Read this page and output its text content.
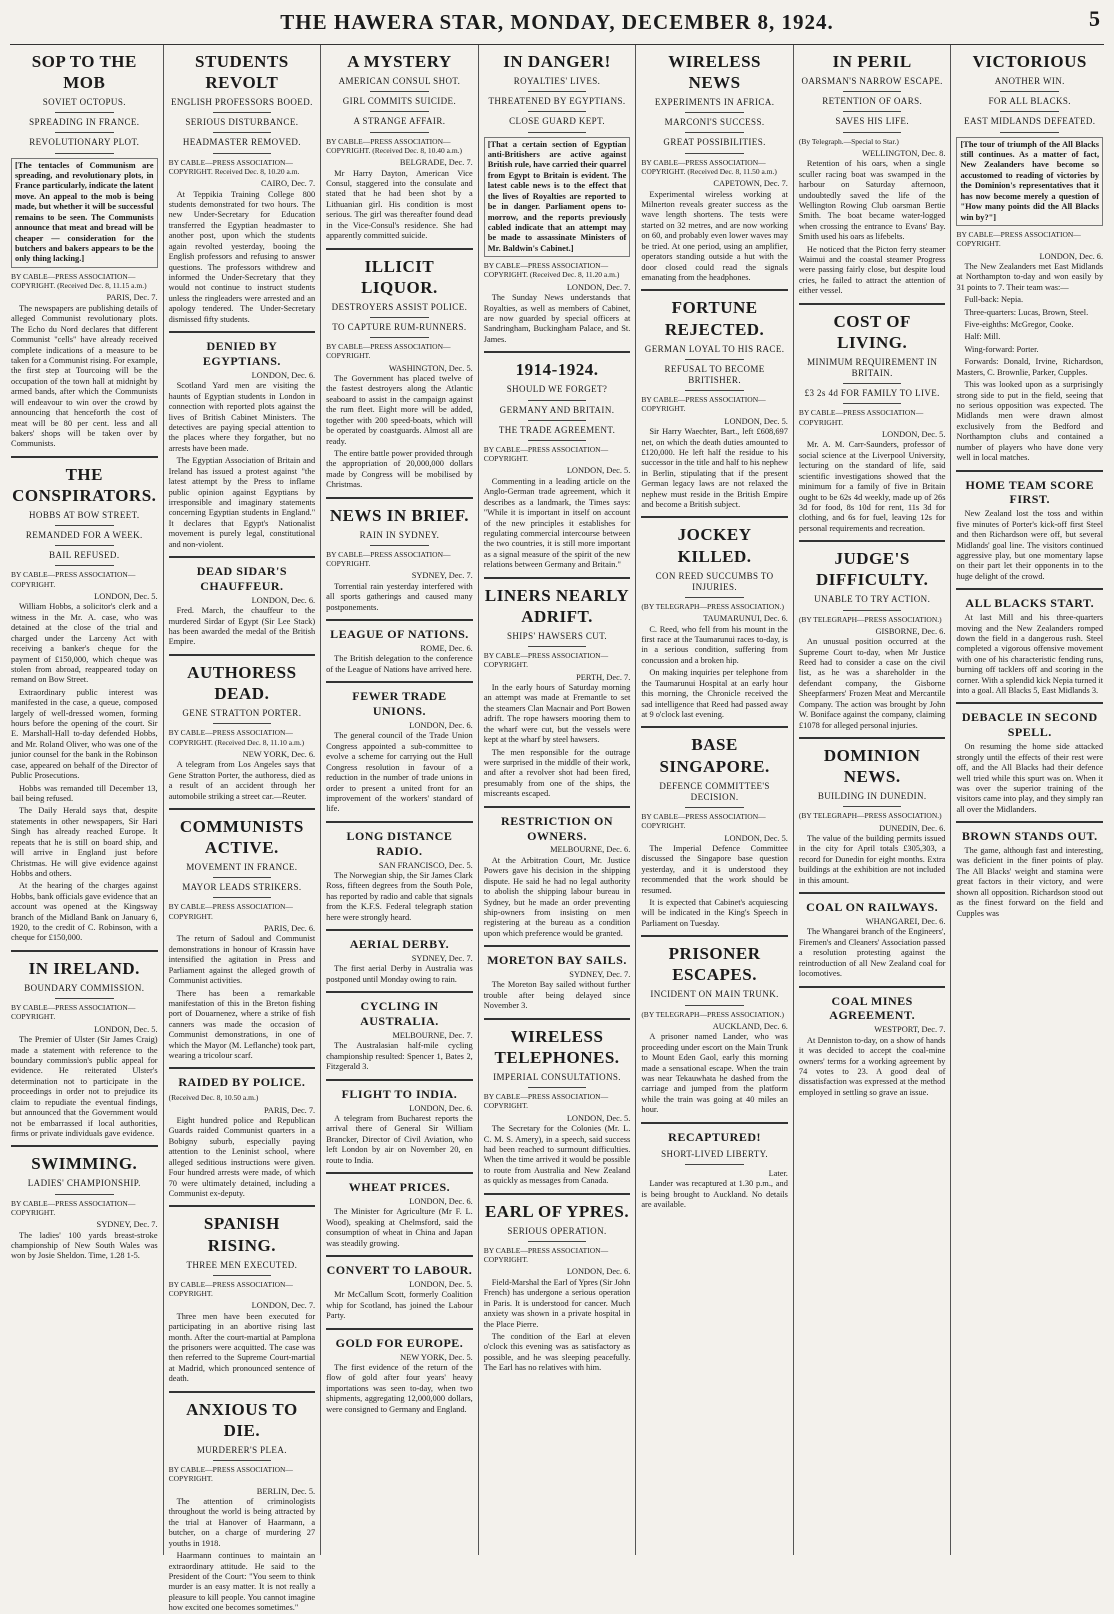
THE HAWERA STAR, MONDAY, DECEMBER 8, 1924.	5
SOP TO THE MOB
SOVIET OCTOPUS.
SPREADING IN FRANCE.
REVOLUTIONARY PLOT.
[The tentacles of Communism are spreading, and revolutionary plots, in France particularly, indicate the latent move. An appeal to the mob is being made, but whether it will be successful remains to be seen. The Communists announce that meat and bread will be cheaper — consideration for the butchers and bakers appears to be the only thing lacking.]
BY CABLE—PRESS ASSOCIATION—COPYRIGHT. (Received Dec. 8, 11.15 a.m.)
PARIS, Dec. 7.

The newspapers are publishing details of alleged Communist revolutionary plots. The Echo du Nord declares that different Communist "cells" have already received complete indications of a measure to be taken for a Communist rising. For example, the first step at Tourcoing will be the occupation of the town hall at midnight by armed bands, after which the Communists will endeavour to win over the crowd by announcing that henceforth the cost of meat will be 80 per cent. less and all bakers' shops will be taken over by Communists.

THE CONSPIRATORS.
HOBBS AT BOW STREET.
REMANDED FOR A WEEK.
BAIL REFUSED.
BY CABLE—PRESS ASSOCIATION—COPYRIGHT.
LONDON, Dec. 5.

William Hobbs, a solicitor's clerk and a witness in the Mr. A. case, who was detained at the close of the trial and charged under the Larceny Act with receiving a banker's cheque for the payment of £150,000, which cheque was stolen from abroad, reappeared today on remand on Bow Street.

Extraordinary public interest was manifested in the case, a queue, composed largely of well-dressed women, forming hours before the opening of the court. Sir E. Marshall-Hall to-day defended Hobbs, and Mr. Roland Oliver, who was one of the junior counsel for the bank in the Robinson case, appeared on behalf of the Director of Public Prosecutions.

Hobbs was remanded till December 13, bail being refused.

The Daily Herald says that, despite statements in other newspapers, Sir Hari Singh has already reached Europe. It repeats that he is still on board ship, and will arrive in England just before Christmas. He will give evidence against Hobbs and others.

At the hearing of the charges against Hobbs, bank officials gave evidence that an account was opened at the Kingsway branch of the Midland Bank on January 6, 1920, to the credit of C. Robinson, with a cheque for £150,000.

IN IRELAND.
BOUNDARY COMMISSION.
BY CABLE—PRESS ASSOCIATION—COPYRIGHT.
LONDON, Dec. 5.

The Premier of Ulster (Sir James Craig) made a statement with reference to the boundary commission's public appeal for evidence. He reiterated Ulster's determination not to participate in the proceedings in order not to prejudice its claim to repudiate the eventual findings, but announced that the Government would not be embarrassed if local authorities, firms or private individuals gave evidence.

SWIMMING.
LADIES' CHAMPIONSHIP.
BY CABLE—PRESS ASSOCIATION—COPYRIGHT.
SYDNEY, Dec. 7.

The ladies' 100 yards breast-stroke championship of New South Wales was won by Josie Sheldon. Time, 1.28 1-5.

STUDENTS REVOLT
ENGLISH PROFESSORS BOOED.
SERIOUS DISTURBANCE.
HEADMASTER REMOVED.
BY CABLE—PRESS ASSOCIATION—COPYRIGHT. Received Dec. 8, 10.20 a.m.
CAIRO, Dec. 7.

At Teppikia Training College 800 students demonstrated for two hours. The new Under-Secretary for Education transferred the Egyptian headmaster to another post, upon which the students again revolted yesterday, booing the English professors and refusing to answer questions. The professors withdrew and informed the Under-Secretary that they would not continue to instruct students unless the ringleaders were arrested and an apology tendered. The Under-Secretary dismissed fifty students.

DENIED BY EGYPTIANS.
LONDON, Dec. 6.

Scotland Yard men are visiting the haunts of Egyptian students in London in connection with reported plots against the lives of British Cabinet Ministers. The detectives are paying special attention to the places where they forgather, but no arrests have been made.

The Egyptian Association of Britain and Ireland has issued a protest against "the latest attempt by the Press to inflame public opinion against Egyptians by irresponsible and imaginary statements concerning Egyptian students in England." It declares that Egypt's Nationalist movement is purely legal, constitutional and non-violent.

DEAD SIDAR'S CHAUFFEUR.
LONDON, Dec. 6.

Fred. March, the chauffeur to the murdered Sirdar of Egypt (Sir Lee Stack) has been awarded the medal of the British Empire.

AUTHORESS DEAD.
GENE STRATTON PORTER.
BY CABLE—PRESS ASSOCIATION—COPYRIGHT. (Received Dec. 8, 11.10 a.m.)
NEW YORK, Dec. 6.

A telegram from Los Angeles says that Gene Stratton Porter, the authoress, died as a result of an accident through her automobile striking a street car.—Reuter.

COMMUNISTS ACTIVE.
MOVEMENT IN FRANCE.
MAYOR LEADS STRIKERS.
BY CABLE—PRESS ASSOCIATION—COPYRIGHT.
PARIS, Dec. 6.

The return of Sadoul and Communist demonstrations in honour of Krassin have intensified the agitation in Press and Parliament against the alleged growth of Communist activities.

There has been a remarkable manifestation of this in the Breton fishing port of Douarnenez, where a strike of fish canners was made the occasion of Communist demonstrations, in one of which the Mayor (M. Leflanche) took part, wearing a tricolour scarf.

RAIDED BY POLICE.
(Received Dec. 8, 10.50 a.m.)
PARIS, Dec. 7.

Eight hundred police and Republican Guards raided Communist quarters in a Bobigny suburb, especially paying attention to the Leninist school, where alleged seditious instructions were given. Four hundred arrests were made, of which 70 were ultimately detained, including a Communist ex-deputy.

SPANISH RISING.
THREE MEN EXECUTED.
BY CABLE—PRESS ASSOCIATION—COPYRIGHT.
LONDON, Dec. 7.

Three men have been executed for participating in an abortive rising last month. After the court-martial at Pamplona the prisoners were acquitted. The case was then referred to the Supreme Court-martial at Madrid, which pronounced sentence of death.

ANXIOUS TO DIE.
MURDERER'S PLEA.
BY CABLE—PRESS ASSOCIATION—COPYRIGHT.
BERLIN, Dec. 5.

The attention of criminologists throughout the world is being attracted by the trial at Hanover of Haarmann, a butcher, on a charge of murdering 27 youths in 1918.

Haarmann continues to maintain an extraordinary attitude. He said to the President of the Court: "You seem to think murder is an easy matter. It is not really a pleasure to kill people. You cannot imagine how excited one becomes sometimes."

A MYSTERY
AMERICAN CONSUL SHOT.
GIRL COMMITS SUICIDE.
A STRANGE AFFAIR.
BY CABLE—PRESS ASSOCIATION—COPYRIGHT. (Received Dec. 8, 10.40 a.m.)
BELGRADE, Dec. 7.

Mr Harry Dayton, American Vice Consul, staggered into the consulate and stated that he had been shot by a Lithuanian girl. His condition is most serious. The girl was thereafter found dead in the Vice-Consul's residence. She had apparently committed suicide.

ILLICIT LIQUOR.
DESTROYERS ASSIST POLICE.
TO CAPTURE RUM-RUNNERS.
BY CABLE—PRESS ASSOCIATION—COPYRIGHT.
WASHINGTON, Dec. 5.

The Government has placed twelve of the fastest destroyers along the Atlantic seaboard to assist in the campaign against the rum fleet. Eight more will be added, together with 200 speed-boats, which will be operated by coastguards. Almost all are ready.

The entire battle power provided through the appropriation of 20,000,000 dollars made by Congress will be mobilised by Christmas.

NEWS IN BRIEF.
RAIN IN SYDNEY.
BY CABLE—PRESS ASSOCIATION—COPYRIGHT.
SYDNEY, Dec. 7.

Torrential rain yesterday interfered with all sports gatherings and caused many postponements.

LEAGUE OF NATIONS.
ROME, Dec. 6.

The British delegation to the conference of the League of Nations have arrived here.

FEWER TRADE UNIONS.
LONDON, Dec. 6.

The general council of the Trade Union Congress appointed a sub-committee to evolve a scheme for carrying out the Hull Congress resolution in favour of a reduction in the number of trade unions in order to present a united front for an improvement of the workers' standard of life.

LONG DISTANCE RADIO.
SAN FRANCISCO, Dec. 5.

The Norwegian ship, the Sir James Clark Ross, fifteen degrees from the South Pole, has reported by radio and cable that signals from the K.F.S. Federal telegraph station here were strongly heard.

AERIAL DERBY.
SYDNEY, Dec. 7.

The first aerial Derby in Australia was postponed until Monday owing to rain.

CYCLING IN AUSTRALIA.
MELBOURNE, Dec. 7.

The Australasian half-mile cycling championship resulted: Spencer 1, Bates 2, Fitzgerald 3.

FLIGHT TO INDIA.
LONDON, Dec. 6.

A telegram from Bucharest reports the arrival there of General Sir William Brancker, Director of Civil Aviation, who left London by air on November 20, en route to India.

WHEAT PRICES.
LONDON, Dec. 6.

The Minister for Agriculture (Mr F. L. Wood), speaking at Chelmsford, said the consumption of wheat in China and Japan was steadily growing.

CONVERT TO LABOUR.
LONDON, Dec. 5.

Mr McCallum Scott, formerly Coalition whip for Scotland, has joined the Labour Party.

GOLD FOR EUROPE.
NEW YORK, Dec. 5.

The first evidence of the return of the flow of gold after four years' heavy importations was seen to-day, when two shipments, aggregating 12,000,000 dollars, were consigned to Germany and England.

IN DANGER!
ROYALTIES' LIVES.
THREATENED BY EGYPTIANS.
CLOSE GUARD KEPT.
[That a certain section of Egyptian anti-Britishers are active against British rule, have carried their quarrel from Egypt to Britain is evident. The latest cable news is to the effect that the lives of Royalties are reported to be in danger. Parliament opens to-morrow, and the reports previously cabled indicate that an attempt may be made to assassinate Ministers of Mr. Baldwin's Cabinet.]
BY CABLE—PRESS ASSOCIATION—COPYRIGHT. (Received Dec. 8, 11.20 a.m.)
LONDON, Dec. 7.

The Sunday News understands that Royalties, as well as members of Cabinet, are now guarded by special officers at Sandringham, Buckingham Palace, and St. James.

1914-1924.
SHOULD WE FORGET?
GERMANY AND BRITAIN.
THE TRADE AGREEMENT.
BY CABLE—PRESS ASSOCIATION—COPYRIGHT.
LONDON, Dec. 5.

Commenting in a leading article on the Anglo-German trade agreement, which it describes as a landmark, the Times says: "While it is important in itself on account of the new principles it establishes for regulating commercial intercourse between the two countries, it is still more important as a signal measure of the spirit of the new relations between Germany and Britain."

LINERS NEARLY ADRIFT.
SHIPS' HAWSERS CUT.
BY CABLE—PRESS ASSOCIATION—COPYRIGHT.
PERTH, Dec. 7.

In the early hours of Saturday morning an attempt was made at Fremantle to set the steamers Clan Macnair and Port Bowen adrift. The rope hawsers mooring them to the wharf were cut, but the vessels were kept at the wharf by steel hawsers.

The men responsible for the outrage were surprised in the middle of their work, and after a revolver shot had been fired, presumably from one of the ships, the miscreants escaped.

RESTRICTION ON OWNERS.
MELBOURNE, Dec. 6.

At the Arbitration Court, Mr. Justice Powers gave his decision in the shipping dispute. He said he had no legal authority to abolish the shipping labour bureau in Sydney, but he made an order preventing ship-owners from insisting on men registering at the bureau as a condition upon which preference would be granted.

MORETON BAY SAILS.
SYDNEY, Dec. 7.

The Moreton Bay sailed without further trouble after being delayed since November 3.

WIRELESS TELEPHONES.
IMPERIAL CONSULTATIONS.
BY CABLE—PRESS ASSOCIATION—COPYRIGHT.
LONDON, Dec. 5.

The Secretary for the Colonies (Mr. L. C. M. S. Amery), in a speech, said success had been reached to surmount difficulties. When the time arrived it would be possible to route from Australia and New Zealand as quickly as messages from Canada.

EARL OF YPRES.
SERIOUS OPERATION.
BY CABLE—PRESS ASSOCIATION—COPYRIGHT.
LONDON, Dec. 6.

Field-Marshal the Earl of Ypres (Sir John French) has undergone a serious operation in Paris. It is understood for cancer. Much anxiety was shown in a private hospital in the Place Pierre.

The condition of the Earl at eleven o'clock this evening was as satisfactory as possible, and he was sleeping peacefully. The Earl has no relatives with him.

WIRELESS NEWS
EXPERIMENTS IN AFRICA.
MARCONI'S SUCCESS.
GREAT POSSIBILITIES.
BY CABLE—PRESS ASSOCIATION—COPYRIGHT. (Received Dec. 8, 11.50 a.m.)
CAPETOWN, Dec. 7.

Experimental wireless working at Milnerton reveals greater success as the wave length shortens. The tests were started on 32 metres, and are now working on 60, and probably even lower waves may be tried. At one period, using an amplifier, operators standing outside a hut with the door closed could read the signals emanating from the headphones.

FORTUNE REJECTED.
GERMAN LOYAL TO HIS RACE.
REFUSAL TO BECOME BRITISHER.
BY CABLE—PRESS ASSOCIATION—COPYRIGHT.
LONDON, Dec. 5.

Sir Harry Waechter, Bart., left £608,697 net, on which the death duties amounted to £120,000. He left half the residue to his successor in the title and half to his nephew in Berlin, stipulating that if the present German legacy laws are not relaxed the nephew must reside in the British Empire and become a British subject.

JOCKEY KILLED.
CON REED SUCCUMBS TO INJURIES.
(BY TELEGRAPH—PRESS ASSOCIATION.)
TAUMARUNUI, Dec. 6.

C. Reed, who fell from his mount in the first race at the Taumarunui races to-day, is in a serious condition, suffering from concussion and a broken hip.

On making inquiries per telephone from the Taumarunui Hospital at an early hour this morning, the Chronicle received the sad intelligence that Reed had passed away at 9 o'clock last evening.

BASE SINGAPORE.
DEFENCE COMMITTEE'S DECISION.
BY CABLE—PRESS ASSOCIATION—COPYRIGHT.
LONDON, Dec. 5.

The Imperial Defence Committee discussed the Singapore base question yesterday, and it is understood they recommended that the work should be resumed.

It is expected that Cabinet's acquiescing will be indicated in the King's Speech in Parliament on Tuesday.

PRISONER ESCAPES.
INCIDENT ON MAIN TRUNK.
(BY TELEGRAPH—PRESS ASSOCIATION.)
AUCKLAND, Dec. 6.

A prisoner named Lander, who was proceeding under escort on the Main Trunk to Mount Eden Gaol, early this morning made a sensational escape. When the train was near Tekauwhata he dashed from the carriage and jumped from the platform while the train was going at 40 miles an hour.

RECAPTURED!
SHORT-LIVED LIBERTY.
Later.

Lander was recaptured at 1.30 p.m., and is being brought to Auckland. No details are available.

IN PERIL
OARSMAN'S NARROW ESCAPE.
RETENTION OF OARS.
SAVES HIS LIFE.
(By Telegraph.—Special to Star.)
WELLINGTON, Dec. 8.

Retention of his oars, when a single sculler racing boat was swamped in the harbour on Saturday afternoon, undoubtedly saved the life of the Wellington Rowing Club oarsman Bertie Smith. The boat became water-logged when crossing the entrance to Evans' Bay. Smith used his oars as lifebelts.

He noticed that the Picton ferry steamer Waimui and the coastal steamer Progress were passing fairly close, but despite loud cries, he failed to attract the attention of either vessel.

COST OF LIVING.
MINIMUM REQUIREMENT IN BRITAIN.
£3 2s 4d FOR FAMILY TO LIVE.
BY CABLE—PRESS ASSOCIATION—COPYRIGHT.
LONDON, Dec. 5.

Mr. A. M. Carr-Saunders, professor of social science at the Liverpool University, lecturing on the standard of life, said scientific investigations showed that the minimum for a family of five in Britain ought to be 62s 4d weekly, made up of 26s 3d for food, 8s 10d for rent, 11s 3d for clothing, and 6s for fuel, leaving 12s for personal requirements and recreation.

JUDGE'S DIFFICULTY.
UNABLE TO TRY ACTION.
(BY TELEGRAPH—PRESS ASSOCIATION.)
GISBORNE, Dec. 6.

An unusual position occurred at the Supreme Court to-day, when Mr Justice Reed had to consider a case on the civil list, as he was a shareholder in the defendant company, the Gisborne Sheepfarmers' Frozen Meat and Mercantile Company. The action was brought by John W. Boniface against the company, claiming £1078 for alleged personal injuries.

DOMINION NEWS.
BUILDING IN DUNEDIN.
(BY TELEGRAPH—PRESS ASSOCIATION.)
DUNEDIN, Dec. 6.

The value of the building permits issued in the city for April totals £305,303, a record for Dunedin for eight months. Extra buildings at the exhibition are not included in this amount.

COAL ON RAILWAYS.
WHANGAREI, Dec. 6.

The Whangarei branch of the Engineers', Firemen's and Cleaners' Association passed a resolution protesting against the reintroduction of all New Zealand coal for locomotives.

COAL MINES AGREEMENT.
WESTPORT, Dec. 7.

At Denniston to-day, on a show of hands it was decided to accept the coal-mine owners' terms for a working agreement by 74 votes to 23. A good deal of dissatisfaction was expressed at the method employed in settling so grave an issue.

VICTORIOUS
ANOTHER WIN.
FOR ALL BLACKS.
EAST MIDLANDS DEFEATED.
[The tour of triumph of the All Blacks still continues. As a matter of fact, New Zealanders have become so accustomed to reading of victories by the Dominion's representatives that it has now become merely a question of "How many points did the All Blacks win by?"]
BY CABLE—PRESS ASSOCIATION—COPYRIGHT.
LONDON, Dec. 6.

The New Zealanders met East Midlands at Northampton to-day and won easily by 31 points to 7. Their team was:—

Full-back: Nepia.

Three-quarters: Lucas, Brown, Steel.

Five-eighths: McGregor, Cooke.

Half: Mill.

Wing-forward: Porter.

Forwards: Donald, Irvine, Richardson, Masters, C. Brownlie, Parker, Cupples.

This was looked upon as a surprisingly strong side to put in the field, seeing that no serious opposition was expected. The Midlands men were drawn almost exclusively from the Bedford and Northampton clubs and contained a number of players who have done very well in local matches.

HOME TEAM SCORE FIRST.

New Zealand lost the toss and within five minutes of Porter's kick-off first Steel and then Richardson were off, but several Midlands' goal line. The visitors continued aggressive play, but one momentary lapse on their part let their opponents in to the huge delight of the crowd.

ALL BLACKS START.

At last Mill and his three-quarters moving and the New Zealanders romped down the field in a dangerous rush. Steel completed a vigorous offensive movement with one of his characteristic fending runs, burning off tacklers off and scoring in the corner. With a splendid kick Nepia turned it into a goal. All Blacks 5, East Midlands 3.

DEBACLE IN SECOND SPELL.

On resuming the home side attacked strongly until the effects of their rest were off, and the All Blacks had their defence well tried while this spurt was on. When it was over the superior training of the visitors came into play, and they simply ran all over the Midlanders.

BROWN STANDS OUT.

The game, although fast and interesting, was deficient in the finer points of play. The All Blacks' weight and stamina were great factors in their victory, and were shown all opposition. Richardson stood out as the finest forward on the field and Cupples was
